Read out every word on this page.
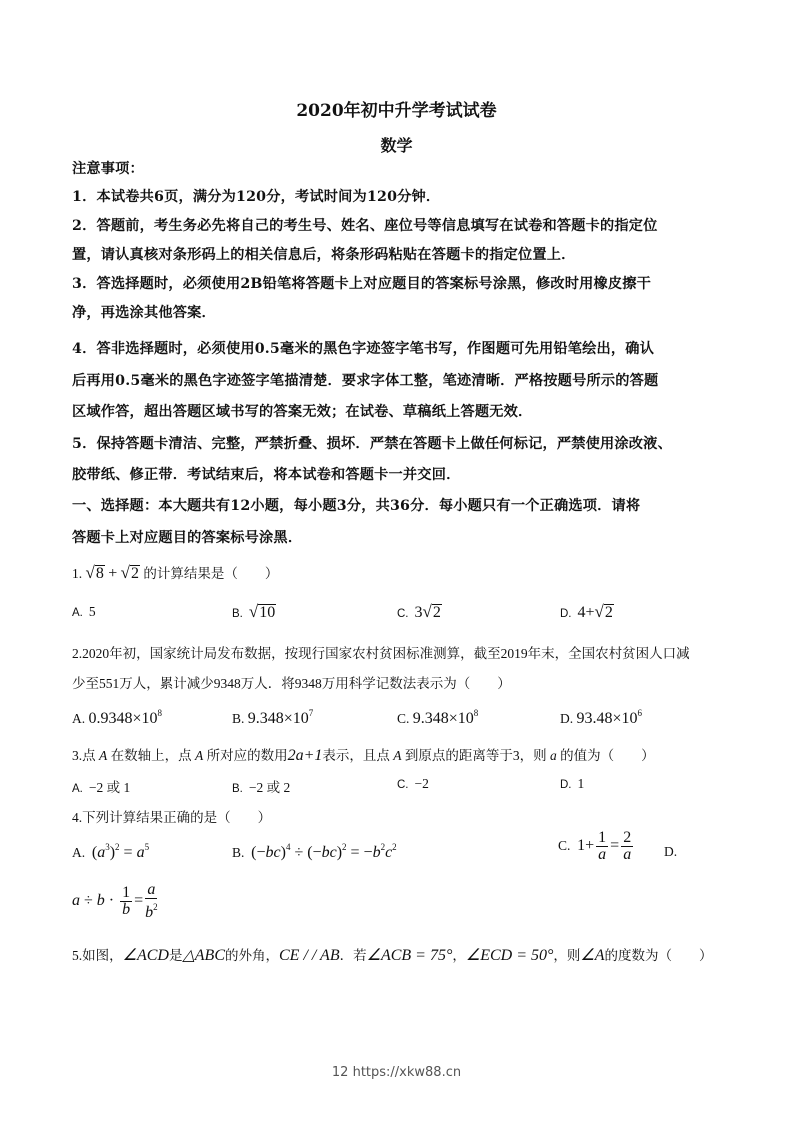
2020年初中升学考试试卷
数学
注意事项：
1．本试卷共6页，满分为120分，考试时间为120分钟．
2．答题前，考生务必先将自己的考生号、姓名、座位号等信息填写在试卷和答题卡的指定位
置，请认真核对条形码上的相关信息后，将条形码粘贴在答题卡的指定位置上．
3．答选择题时，必须使用2B铅笔将答题卡上对应题目的答案标号涂黑，修改时用橡皮擦干
净，再选涂其他答案．
4．答非选择题时，必须使用0.5毫米的黑色字迹签字笔书写，作图题可先用铅笔绘出，确认
后再用0.5毫米的黑色字迹签字笔描清楚．要求字体工整，笔迹清晰．严格按题号所示的答题
区域作答，超出答题区域书写的答案无效；在试卷、草稿纸上答题无效．
5．保持答题卡清洁、完整，严禁折叠、损坏．严禁在答题卡上做任何标记，严禁使用涂改液、
胶带纸、修正带．考试结束后，将本试卷和答题卡一并交回．
一、选择题：本大题共有12小题，每小题3分，共36分．每小题只有一个正确选项．请将
答题卡上对应题目的答案标号涂黑．
1. √8 + √2 的计算结果是（　　）
A. 5	B. √10	C. 3√2	D. 4+√2
2.2020年初，国家统计局发布数据，按现行国家农村贫困标准测算，截至2019年末，全国农村贫困人口减
少至551万人，累计减少9348万人．将9348万用科学记数法表示为（　　）
A. $0.9348\times 10^8$	B. $9.348\times 10^7$	C. $9.348\times 10^8$	D. $93.48\times 10^6$
3.点 A 在数轴上，点 A 所对应的数用2a+1表示，且点 A 到原点的距离等于3，则 a 的值为（　　）
A. −2 或 1	B. −2 或 2	C. −2	D. 1
4.下列计算结果正确的是（　　）
A. $(a^3)^2 = a^5$	B. $(-bc)^4 \div (-bc)^2 = -b^2c^2$	C. $1+ \frac{1}{a} = \frac{2}{a} D$.
$a \div b \cdot \frac{1}{b} = \frac{a}{b^2}$
5.如图，∠ACD是△ABC的外角，CE / / AB．若∠ACB = 75°，∠ECD = 50°，则∠A的度数为（　　）
12 https://xkw88.cn
